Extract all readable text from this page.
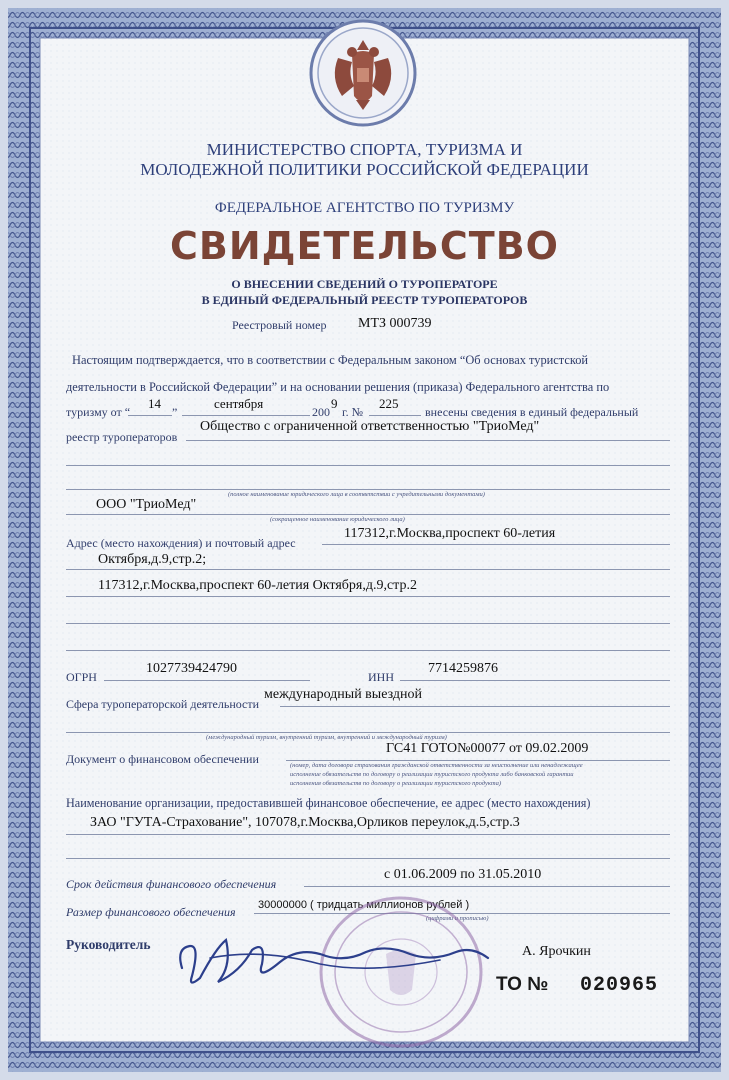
МИНИСТЕРСТВО СПОРТА, ТУРИЗМА И
МОЛОДЕЖНОЙ ПОЛИТИКИ РОССИЙСКОЙ ФЕДЕРАЦИИ
ФЕДЕРАЛЬНОЕ АГЕНТСТВО ПО ТУРИЗМУ
СВИДЕТЕЛЬСТВО
О ВНЕСЕНИИ СВЕДЕНИЙ О ТУРОПЕРАТОРЕ
В ЕДИНЫЙ ФЕДЕРАЛЬНЫЙ РЕЕСТР ТУРОПЕРАТОРОВ
Реестровый номер МТЗ 000739
Настоящим подтверждается, что в соответствии с Федеральным законом “Об основах туристской
деятельности в Российской Федерации” и на основании решения (приказа) Федерального агентства по
туризму от “
14
”
сентября
200
9
г. №
225
внесены сведения в единый федеральный
реестр туроператоров
Общество с ограниченной ответственностью "ТриоМед"
(полное наименование юридического лица в соответствии с учредительными документами)
ООО "ТриоМед"
(сокращенное наименование юридического лица)
Адрес (место нахождения) и почтовый адрес
117312,г.Москва,проспект 60-летия
Октября,д.9,стр.2;
117312,г.Москва,проспект 60-летия Октября,д.9,стр.2
ОГРН
1027739424790
ИНН
7714259876
Сфера туроператорской деятельности
международный выездной
(международный туризм, внутренний туризм, внутренний и международный туризм)
Документ о финансовом обеспечении
ГС41 ГОТО№00077 от 09.02.2009
(номер, дата договора страхования гражданской ответственности за неисполнение или ненадлежащее
исполнение обязательств по договору о реализации туристского продукта либо банковской гарантии
исполнения обязательств по договору о реализации туристского продукта)
Наименование организации, предоставившей финансовое обеспечение, ее адрес (место нахождения)
ЗАО "ГУТА-Страхование", 107078,г.Москва,Орликов переулок,д.5,стр.3
Срок действия финансового обеспечения
с 01.06.2009 по 31.05.2010
Размер финансового обеспечения 30000000 ( тридцать миллионов рублей )
(цифрами и прописью)
Руководитель	А. Ярочкин
ТО № 020965
